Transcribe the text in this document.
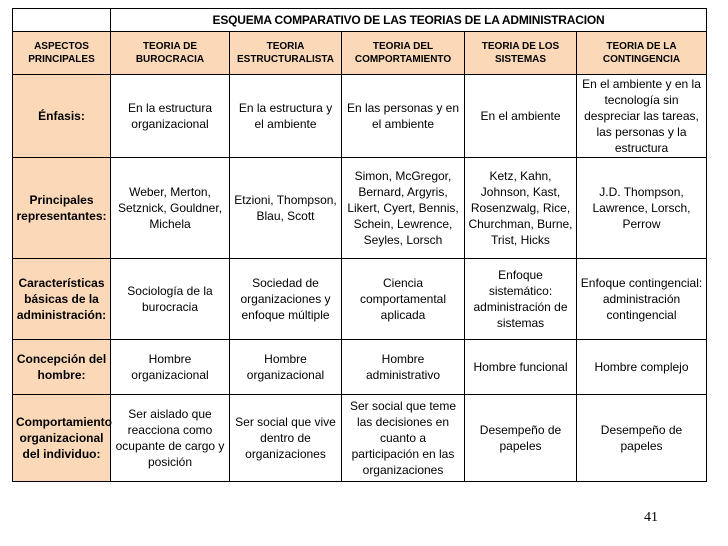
	ESQUEMA COMPARATIVO DE LAS TEORIAS DE LA ADMINISTRACION				
ASPECTOS PRINCIPALES	TEORIA DE BUROCRACIA	TEORIA ESTRUCTURALISTA	TEORIA DEL COMPORTAMIENTO	TEORIA DE LOS SISTEMAS	TEORIA DE LA CONTINGENCIA
Énfasis:	En la estructura organizacional	En la estructura y el ambiente	En las personas y en el ambiente	En el ambiente	En el ambiente y en la tecnología sin despreciar las tareas, las personas y la estructura
Principales representantes:	Weber, Merton, Setznick, Gouldner, Michela	Etzioni, Thompson, Blau, Scott	Simon, McGregor, Bernard, Argyris, Likert, Cyert, Bennis, Schein, Lewrence, Seyles, Lorsch	Ketz, Kahn, Johnson, Kast, Rosenzwalg, Rice, Churchman, Burne, Trist, Hicks	J.D. Thompson, Lawrence, Lorsch, Perrow
Características básicas de la administración:	Sociología de la burocracia	Sociedad de organizaciones y enfoque múltiple	Ciencia comportamental aplicada	Enfoque sistemático: administración de sistemas	Enfoque contingencial: administración contingencial
Concepción del hombre:	Hombre organizacional	Hombre organizacional	Hombre administrativo	Hombre funcional	Hombre complejo
Comportamiento organizacional del individuo:	Ser aislado que reacciona como ocupante de cargo y posición	Ser social que vive dentro de organizaciones	Ser social que teme las decisiones en cuanto a participación en las organizaciones	Desempeño de papeles	Desempeño de papeles
41
